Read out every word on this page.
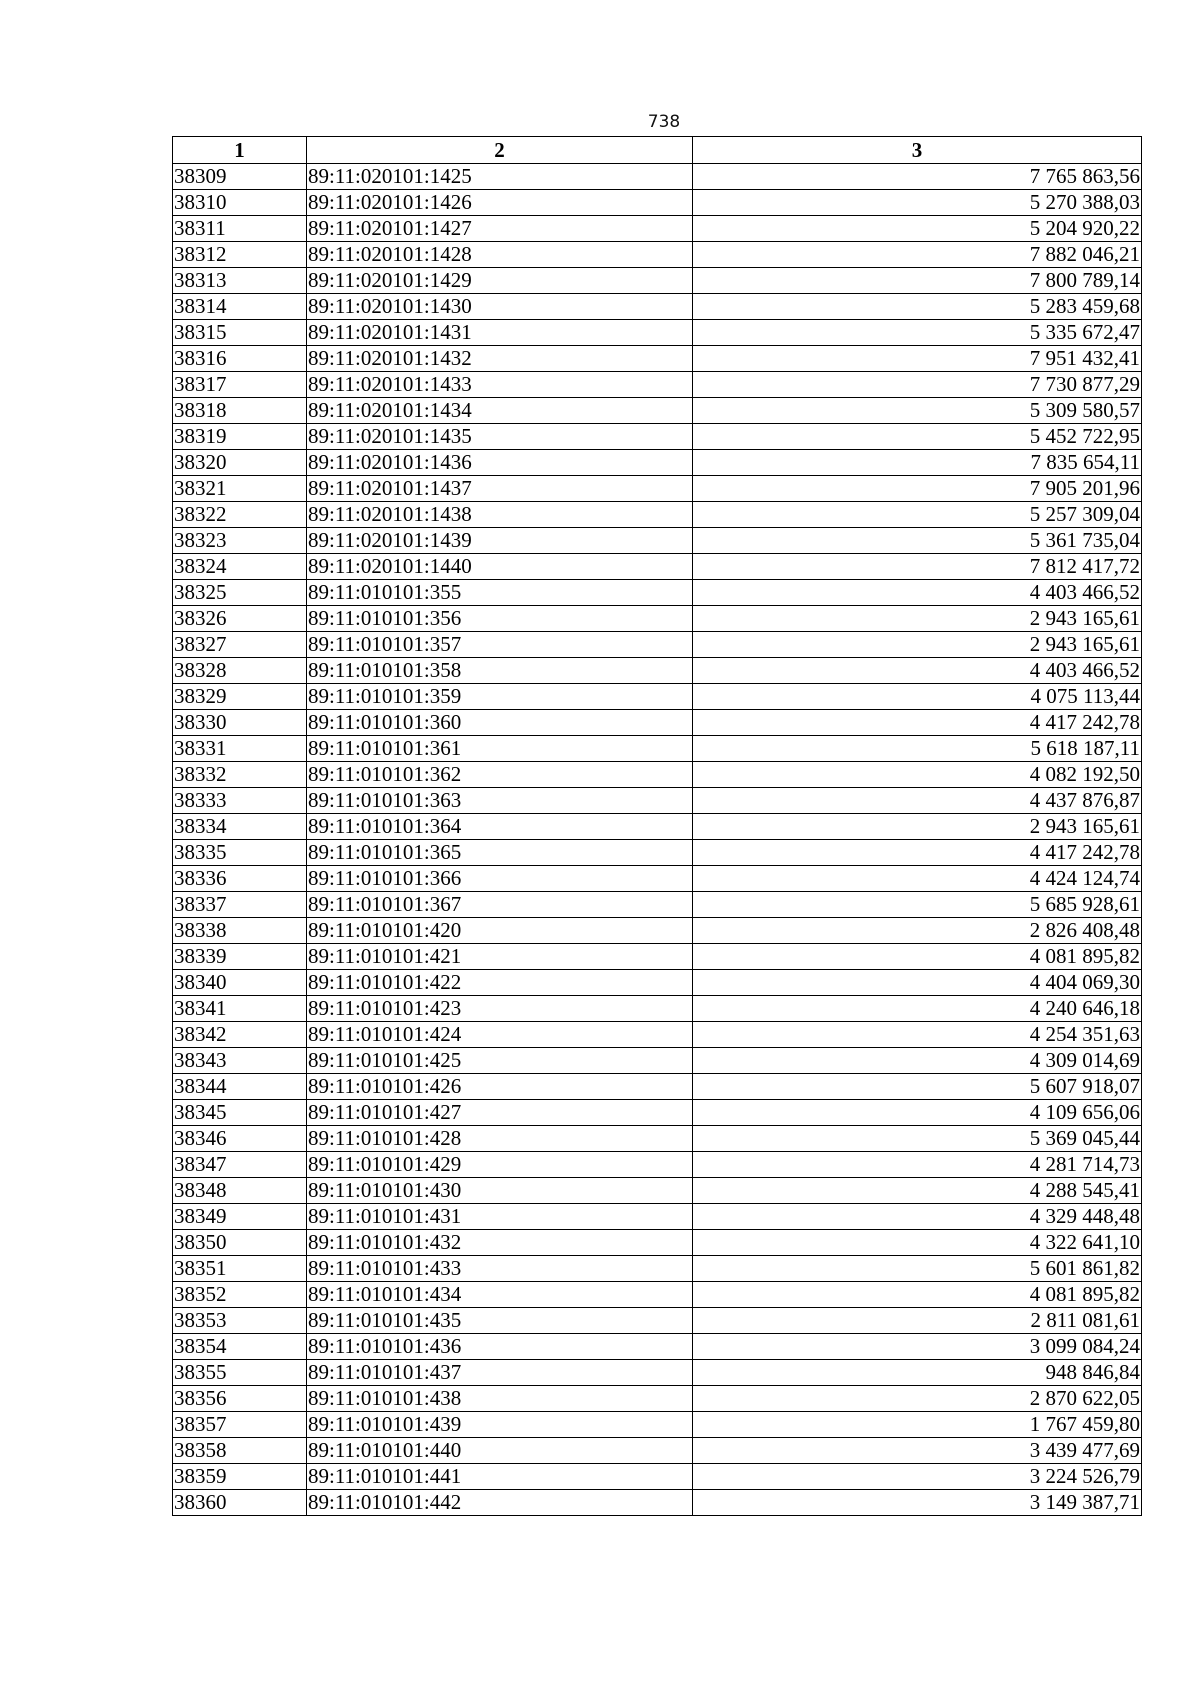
738
1	2	3
38309	89:11:020101:1425	7 765 863,56
38310	89:11:020101:1426	5 270 388,03
38311	89:11:020101:1427	5 204 920,22
38312	89:11:020101:1428	7 882 046,21
38313	89:11:020101:1429	7 800 789,14
38314	89:11:020101:1430	5 283 459,68
38315	89:11:020101:1431	5 335 672,47
38316	89:11:020101:1432	7 951 432,41
38317	89:11:020101:1433	7 730 877,29
38318	89:11:020101:1434	5 309 580,57
38319	89:11:020101:1435	5 452 722,95
38320	89:11:020101:1436	7 835 654,11
38321	89:11:020101:1437	7 905 201,96
38322	89:11:020101:1438	5 257 309,04
38323	89:11:020101:1439	5 361 735,04
38324	89:11:020101:1440	7 812 417,72
38325	89:11:010101:355	4 403 466,52
38326	89:11:010101:356	2 943 165,61
38327	89:11:010101:357	2 943 165,61
38328	89:11:010101:358	4 403 466,52
38329	89:11:010101:359	4 075 113,44
38330	89:11:010101:360	4 417 242,78
38331	89:11:010101:361	5 618 187,11
38332	89:11:010101:362	4 082 192,50
38333	89:11:010101:363	4 437 876,87
38334	89:11:010101:364	2 943 165,61
38335	89:11:010101:365	4 417 242,78
38336	89:11:010101:366	4 424 124,74
38337	89:11:010101:367	5 685 928,61
38338	89:11:010101:420	2 826 408,48
38339	89:11:010101:421	4 081 895,82
38340	89:11:010101:422	4 404 069,30
38341	89:11:010101:423	4 240 646,18
38342	89:11:010101:424	4 254 351,63
38343	89:11:010101:425	4 309 014,69
38344	89:11:010101:426	5 607 918,07
38345	89:11:010101:427	4 109 656,06
38346	89:11:010101:428	5 369 045,44
38347	89:11:010101:429	4 281 714,73
38348	89:11:010101:430	4 288 545,41
38349	89:11:010101:431	4 329 448,48
38350	89:11:010101:432	4 322 641,10
38351	89:11:010101:433	5 601 861,82
38352	89:11:010101:434	4 081 895,82
38353	89:11:010101:435	2 811 081,61
38354	89:11:010101:436	3 099 084,24
38355	89:11:010101:437	948 846,84
38356	89:11:010101:438	2 870 622,05
38357	89:11:010101:439	1 767 459,80
38358	89:11:010101:440	3 439 477,69
38359	89:11:010101:441	3 224 526,79
38360	89:11:010101:442	3 149 387,71
